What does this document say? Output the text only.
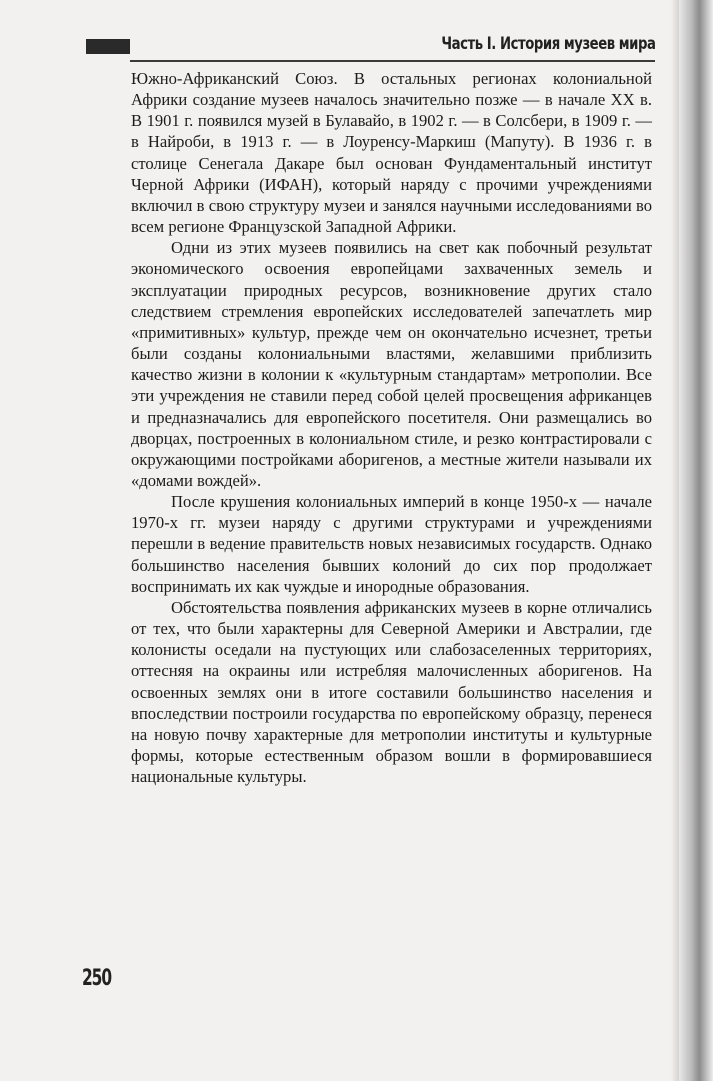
Часть I. История музеев мира

Южно-Африканский Союз. В остальных регионах колониальной Африки создание музеев началось значительно позже — в начале XX в. В 1901 г. появился музей в Булавайо, в 1902 г. — в Солсбери, в 1909 г. — в Найроби, в 1913 г. — в Лоуренсу-Маркиш (Мапуту). В 1936 г. в столице Сенегала Дакаре был основан Фундаментальный институт Черной Африки (ИФАН), который наряду с прочими учреждениями включил в свою структуру музеи и занялся научными исследованиями во всем регионе Французской Западной Африки.

Одни из этих музеев появились на свет как побочный результат экономического освоения европейцами захваченных земель и эксплуатации природных ресурсов, возникновение других стало следствием стремления европейских исследователей запечатлеть мир «примитивных» культур, прежде чем он окончательно исчезнет, третьи были созданы колониальными властями, желавшими приблизить качество жизни в колонии к «культурным стандартам» метрополии. Все эти учреждения не ставили перед собой целей просвещения африканцев и предназначались для европейского посетителя. Они размещались во дворцах, построенных в колониальном стиле, и резко контрастировали с окружающими постройками аборигенов, а местные жители называли их «домами вождей».

После крушения колониальных империй в конце 1950-х — начале 1970-х гг. музеи наряду с другими структурами и учреждениями перешли в ведение правительств новых независимых государств. Однако большинство населения бывших колоний до сих пор продолжает воспринимать их как чуждые и инородные образования.

Обстоятельства появления африканских музеев в корне отличались от тех, что были характерны для Северной Америки и Австралии, где колонисты оседали на пустующих или слабозаселенных территориях, оттесняя на окраины или истребляя малочисленных аборигенов. На освоенных землях они в итоге составили большинство населения и впоследствии построили государства по европейскому образцу, перенеся на новую почву характерные для метрополии институты и культурные формы, которые естественным образом вошли в формировавшиеся национальные культуры.

250
